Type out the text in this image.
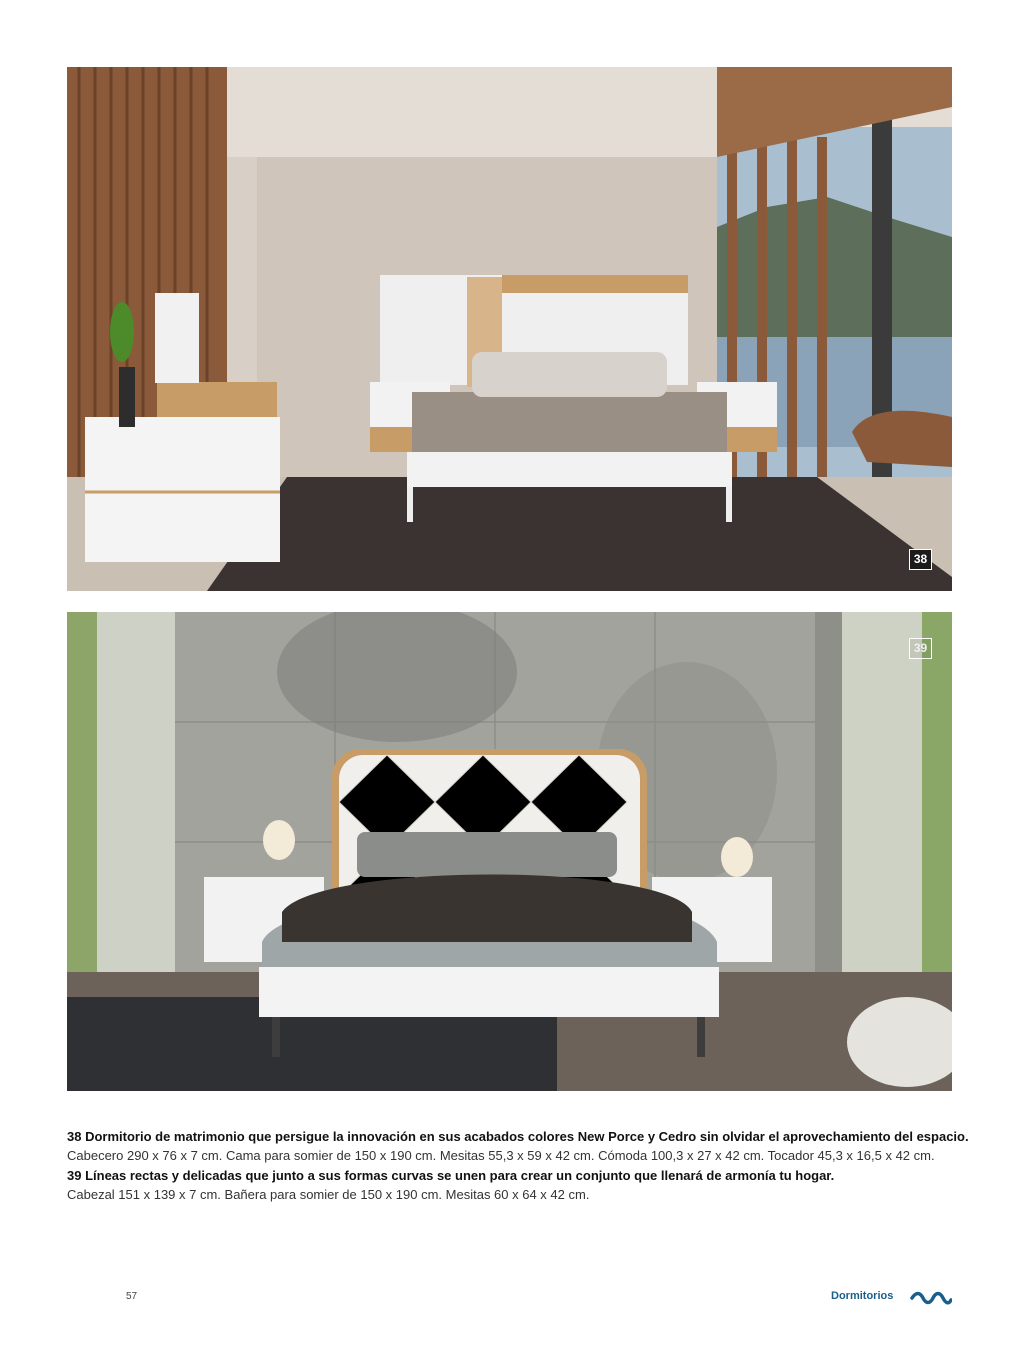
38
39
38 Dormitorio de matrimonio que persigue la innovación en sus acabados colores New Porce y Cedro sin olvidar el aprovechamiento del espacio.
Cabecero 290 x 76 x 7 cm. Cama para somier de 150 x 190 cm. Mesitas 55,3 x 59 x 42 cm. Cómoda 100,3 x 27 x 42 cm. Tocador 45,3 x 16,5 x 42 cm.
39 Líneas rectas y delicadas que junto a sus formas curvas se unen para crear un conjunto que llenará de armonía tu hogar.
Cabezal 151 x 139 x 7 cm. Bañera para somier de 150 x 190 cm. Mesitas 60 x 64 x 42 cm.
57	Dormitorios
